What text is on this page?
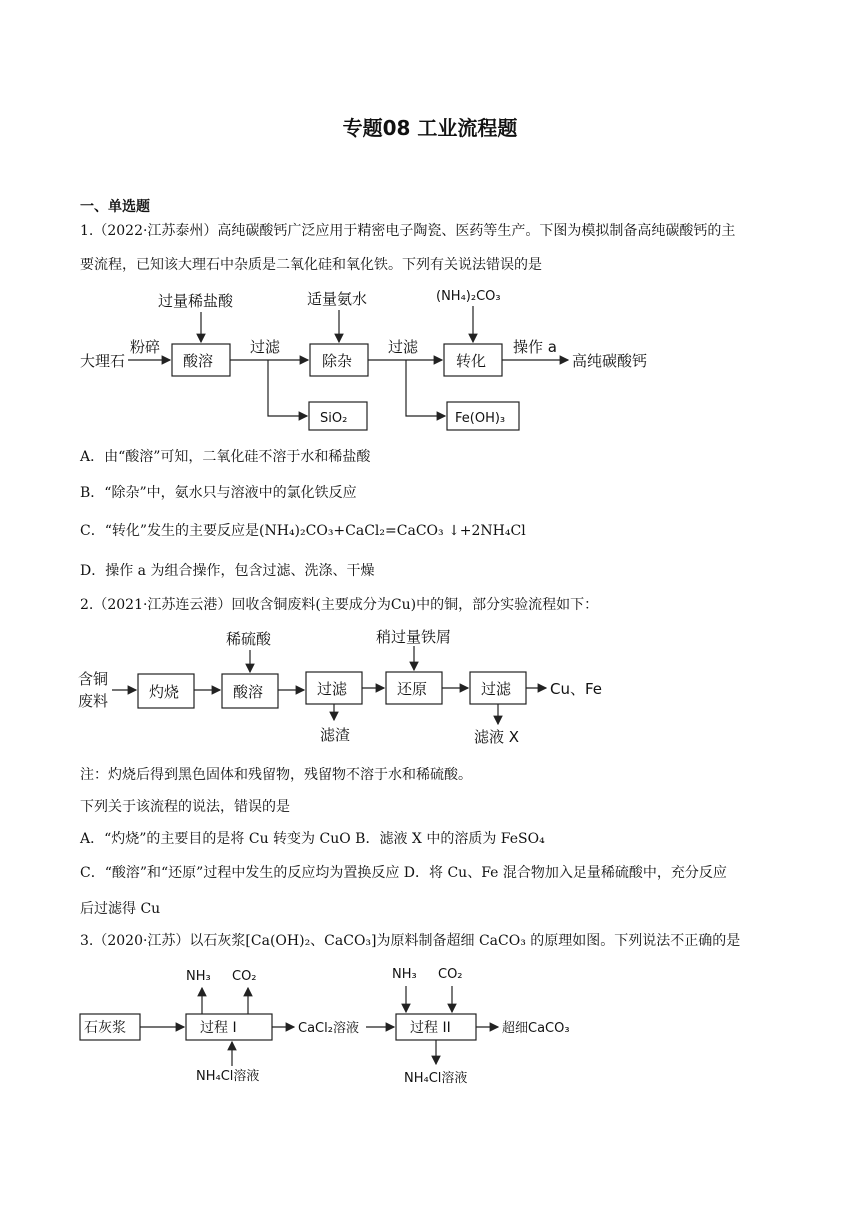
专题08 工业流程题
一、单选题
1.（2022·江苏泰州）高纯碳酸钙广泛应用于精密电子陶瓷、医药等生产。下图为模拟制备高纯碳酸钙的主
要流程，已知该大理石中杂质是二氧化硅和氧化铁。下列有关说法错误的是
大理石
粉碎
过量稀盐酸
酸溶
过滤
SiO₂
适量氨水
除杂
过滤
Fe(OH)₃
(NH₄)₂CO₃
转化
操作 a
高纯碳酸钙
A．由“酸溶”可知，二氧化硅不溶于水和稀盐酸
B．“除杂”中，氨水只与溶液中的氯化铁反应
C．“转化”发生的主要反应是(NH₄)₂CO₃+CaCl₂=CaCO₃ ↓+2NH₄Cl
D．操作 a 为组合操作，包含过滤、洗涤、干燥
2.（2021·江苏连云港）回收含铜废料(主要成分为Cu)中的铜，部分实验流程如下：
含铜
废料	灼烧
稀硫酸
酸溶	过滤
滤渣
稍过量铁屑
还原	过滤
滤液 X
Cu、Fe
注：灼烧后得到黑色固体和残留物，残留物不溶于水和稀硫酸。
下列关于该流程的说法，错误的是
A．“灼烧”的主要目的是将 Cu 转变为 CuO B．滤液 X 中的溶质为 FeSO₄
C．“酸溶”和“还原”过程中发生的反应均为置换反应 D．将 Cu、Fe 混合物加入足量稀硫酸中，充分反应
后过滤得 Cu
3.（2020·江苏）以石灰浆[Ca(OH)₂、CaCO₃]为原料制备超细 CaCO₃ 的原理如图。下列说法不正确的是
石灰浆	过程 I
NH₃ CO₂
NH₄Cl溶液
CaCl₂溶液
NH₃ CO₂
过程 II
NH₄Cl溶液
超细CaCO₃
